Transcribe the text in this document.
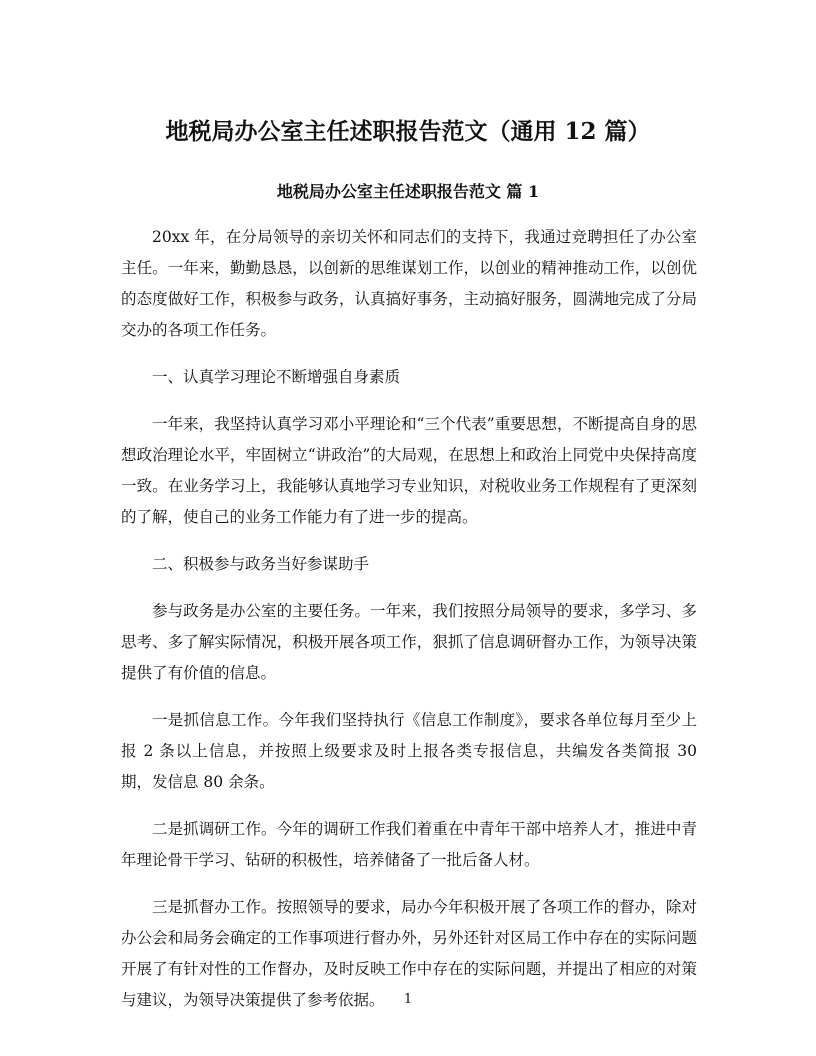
地税局办公室主任述职报告范文（通用 12 篇）
地税局办公室主任述职报告范文 篇 1

20xx 年，在分局领导的亲切关怀和同志们的支持下，我通过竞聘担任了办公室主任。一年来，勤勤恳恳，以创新的思维谋划工作，以创业的精神推动工作，以创优的态度做好工作，积极参与政务，认真搞好事务，主动搞好服务，圆满地完成了分局交办的各项工作任务。

一、认真学习理论不断增强自身素质

一年来，我坚持认真学习邓小平理论和“三个代表”重要思想，不断提高自身的思想政治理论水平，牢固树立“讲政治”的大局观，在思想上和政治上同党中央保持高度一致。在业务学习上，我能够认真地学习专业知识，对税收业务工作规程有了更深刻的了解，使自己的业务工作能力有了进一步的提高。

二、积极参与政务当好参谋助手

参与政务是办公室的主要任务。一年来，我们按照分局领导的要求，多学习、多思考、多了解实际情况，积极开展各项工作，狠抓了信息调研督办工作，为领导决策提供了有价值的信息。

一是抓信息工作。今年我们坚持执行《信息工作制度》，要求各单位每月至少上报 2 条以上信息，并按照上级要求及时上报各类专报信息，共编发各类简报 30 期，发信息 80 余条。

二是抓调研工作。今年的调研工作我们着重在中青年干部中培养人才，推进中青年理论骨干学习、钻研的积极性，培养储备了一批后备人材。

三是抓督办工作。按照领导的要求，局办今年积极开展了各项工作的督办，除对办公会和局务会确定的工作事项进行督办外，另外还针对区局工作中存在的实际问题开展了有针对性的工作督办，及时反映工作中存在的实际问题，并提出了相应的对策与建议，为领导决策提供了参考依据。	1
